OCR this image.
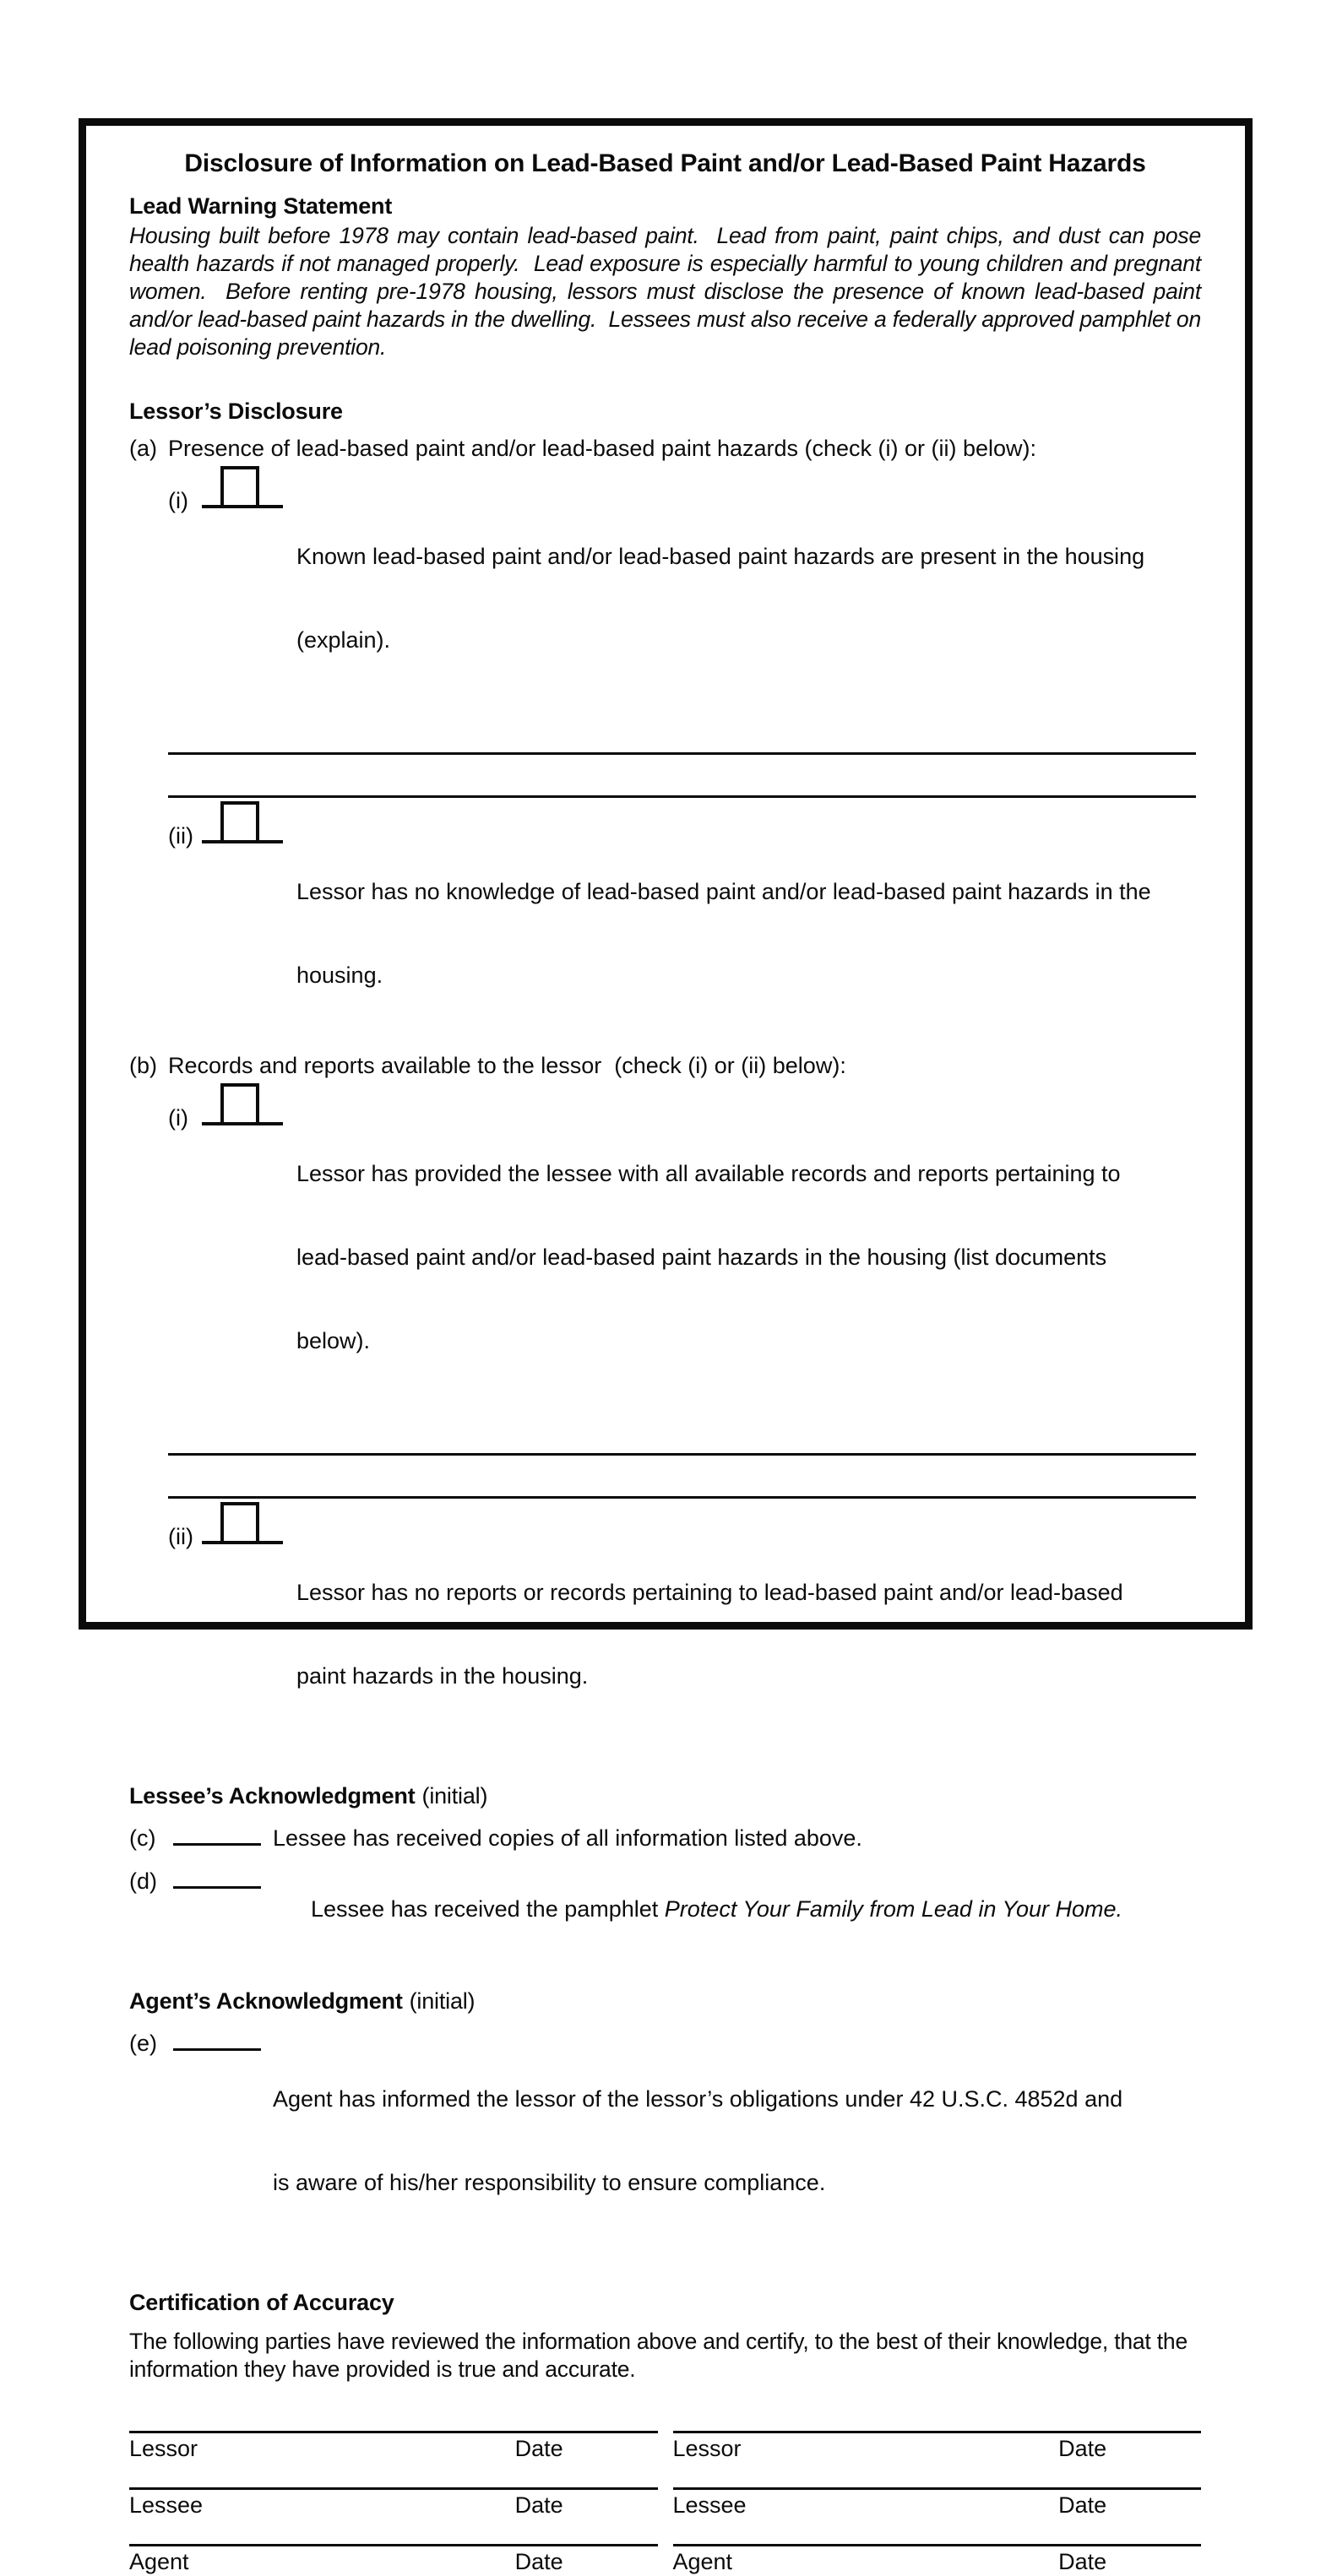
Disclosure of Information on Lead-Based Paint and/or Lead-Based Paint Hazards
Lead Warning Statement
Housing built before 1978 may contain lead-based paint.  Lead from paint, paint chips, and dust can pose health hazards if not managed properly.  Lead exposure is especially harmful to young children and pregnant women.  Before renting pre-1978 housing, lessors must disclose the presence of known lead-based paint and/or lead-based paint hazards in the dwelling.  Lessees must also receive a federally approved pamphlet on lead poisoning prevention.
Lessor’s Disclosure
(a) Presence of lead-based paint and/or lead-based paint hazards (check (i) or (ii) below):
(i)

Known lead-based paint and/or lead-based paint hazards are present in the housing

(explain).

(ii)

Lessor has no knowledge of lead-based paint and/or lead-based paint hazards in the

housing.

(b) Records and reports available to the lessor  (check (i) or (ii) below):
(i)

Lessor has provided the lessee with all available records and reports pertaining to

lead-based paint and/or lead-based paint hazards in the housing (list documents

below).

(ii)

Lessor has no reports or records pertaining to lead-based paint and/or lead-based

paint hazards in the housing.

Lessee’s Acknowledgment (initial)
(c)	Lessee has received copies of all information listed above.
(d)

Lessee has received the pamphlet Protect Your Family from Lead in Your Home.

Agent’s Acknowledgment (initial)
(e)

Agent has informed the lessor of the lessor’s obligations under 42 U.S.C. 4852d and

is aware of his/her responsibility to ensure compliance.

Certification of Accuracy
The following parties have reviewed the information above and certify, to the best of their knowledge, that the information they have provided is true and accurate.
Lessor	Date	Lessor	Date
Lessee	Date	Lessee	Date
Agent	Date	Agent	Date
